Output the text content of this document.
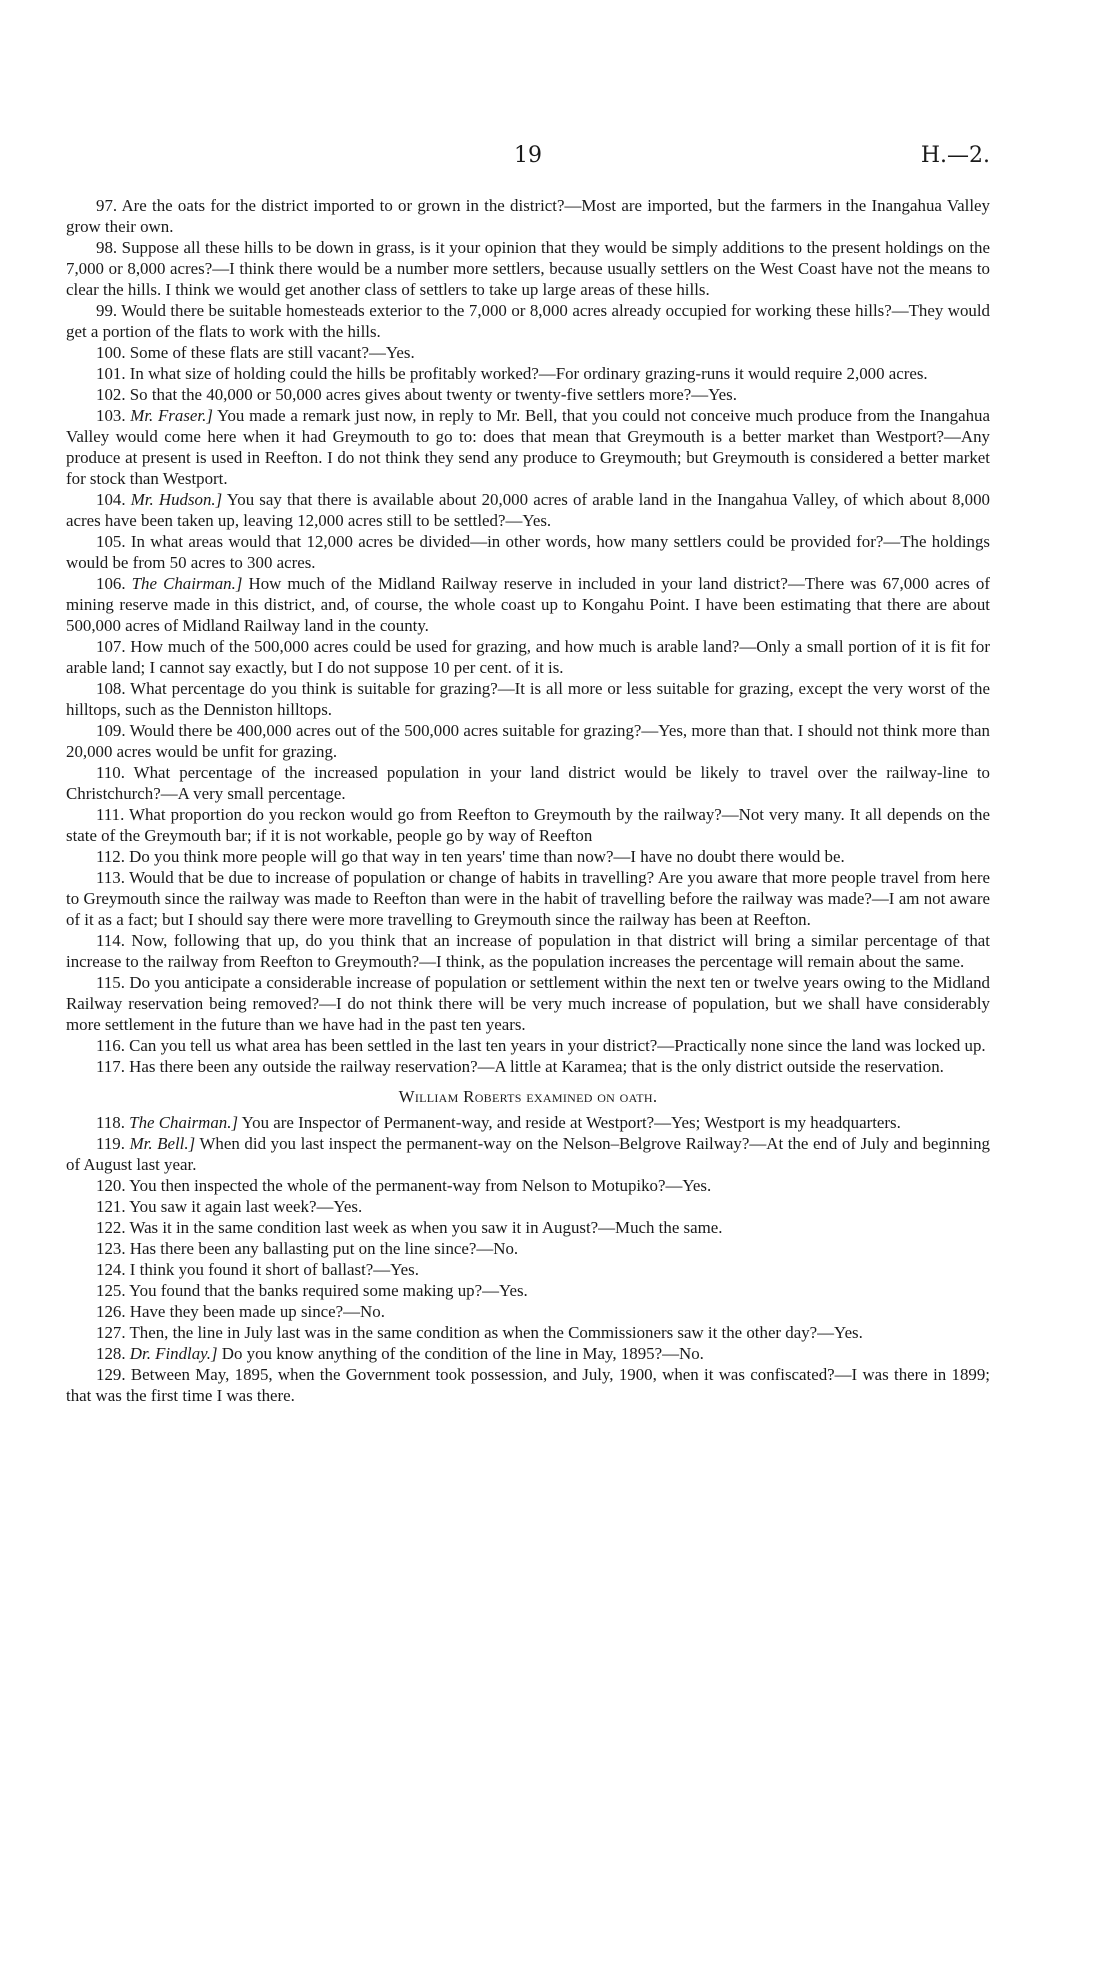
19	H.—2.

97. Are the oats for the district imported to or grown in the district?—Most are imported, but the farmers in the Inangahua Valley grow their own.

98. Suppose all these hills to be down in grass, is it your opinion that they would be simply additions to the present holdings on the 7,000 or 8,000 acres?—I think there would be a number more settlers, because usually settlers on the West Coast have not the means to clear the hills. I think we would get another class of settlers to take up large areas of these hills.

99. Would there be suitable homesteads exterior to the 7,000 or 8,000 acres already occupied for working these hills?—They would get a portion of the flats to work with the hills.

100. Some of these flats are still vacant?—Yes.

101. In what size of holding could the hills be profitably worked?—For ordinary grazing-runs it would require 2,000 acres.

102. So that the 40,000 or 50,000 acres gives about twenty or twenty-five settlers more?—Yes.

103. Mr. Fraser.] You made a remark just now, in reply to Mr. Bell, that you could not conceive much produce from the Inangahua Valley would come here when it had Greymouth to go to: does that mean that Greymouth is a better market than Westport?—Any produce at present is used in Reefton. I do not think they send any produce to Greymouth; but Greymouth is considered a better market for stock than Westport.

104. Mr. Hudson.] You say that there is available about 20,000 acres of arable land in the Inangahua Valley, of which about 8,000 acres have been taken up, leaving 12,000 acres still to be settled?—Yes.

105. In what areas would that 12,000 acres be divided—in other words, how many settlers could be provided for?—The holdings would be from 50 acres to 300 acres.

106. The Chairman.] How much of the Midland Railway reserve in included in your land district?—There was 67,000 acres of mining reserve made in this district, and, of course, the whole coast up to Kongahu Point. I have been estimating that there are about 500,000 acres of Midland Railway land in the county.

107. How much of the 500,000 acres could be used for grazing, and how much is arable land?—Only a small portion of it is fit for arable land; I cannot say exactly, but I do not suppose 10 per cent. of it is.

108. What percentage do you think is suitable for grazing?—It is all more or less suitable for grazing, except the very worst of the hilltops, such as the Denniston hilltops.

109. Would there be 400,000 acres out of the 500,000 acres suitable for grazing?—Yes, more than that. I should not think more than 20,000 acres would be unfit for grazing.

110. What percentage of the increased population in your land district would be likely to travel over the railway-line to Christchurch?—A very small percentage.

111. What proportion do you reckon would go from Reefton to Greymouth by the railway?—Not very many. It all depends on the state of the Greymouth bar; if it is not workable, people go by way of Reefton

112. Do you think more people will go that way in ten years' time than now?—I have no doubt there would be.

113. Would that be due to increase of population or change of habits in travelling? Are you aware that more people travel from here to Greymouth since the railway was made to Reefton than were in the habit of travelling before the railway was made?—I am not aware of it as a fact; but I should say there were more travelling to Greymouth since the railway has been at Reefton.

114. Now, following that up, do you think that an increase of population in that district will bring a similar percentage of that increase to the railway from Reefton to Greymouth?—I think, as the population increases the percentage will remain about the same.

115. Do you anticipate a considerable increase of population or settlement within the next ten or twelve years owing to the Midland Railway reservation being removed?—I do not think there will be very much increase of population, but we shall have considerably more settlement in the future than we have had in the past ten years.

116. Can you tell us what area has been settled in the last ten years in your district?—Practically none since the land was locked up.

117. Has there been any outside the railway reservation?—A little at Karamea; that is the only district outside the reservation.

William Roberts examined on oath.

118. The Chairman.] You are Inspector of Permanent-way, and reside at Westport?—Yes; Westport is my headquarters.

119. Mr. Bell.] When did you last inspect the permanent-way on the Nelson–Belgrove Railway?—At the end of July and beginning of August last year.

120. You then inspected the whole of the permanent-way from Nelson to Motupiko?—Yes.

121. You saw it again last week?—Yes.

122. Was it in the same condition last week as when you saw it in August?—Much the same.

123. Has there been any ballasting put on the line since?—No.

124. I think you found it short of ballast?—Yes.

125. You found that the banks required some making up?—Yes.

126. Have they been made up since?—No.

127. Then, the line in July last was in the same condition as when the Commissioners saw it the other day?—Yes.

128. Dr. Findlay.] Do you know anything of the condition of the line in May, 1895?—No.

129. Between May, 1895, when the Government took possession, and July, 1900, when it was confiscated?—I was there in 1899; that was the first time I was there.
